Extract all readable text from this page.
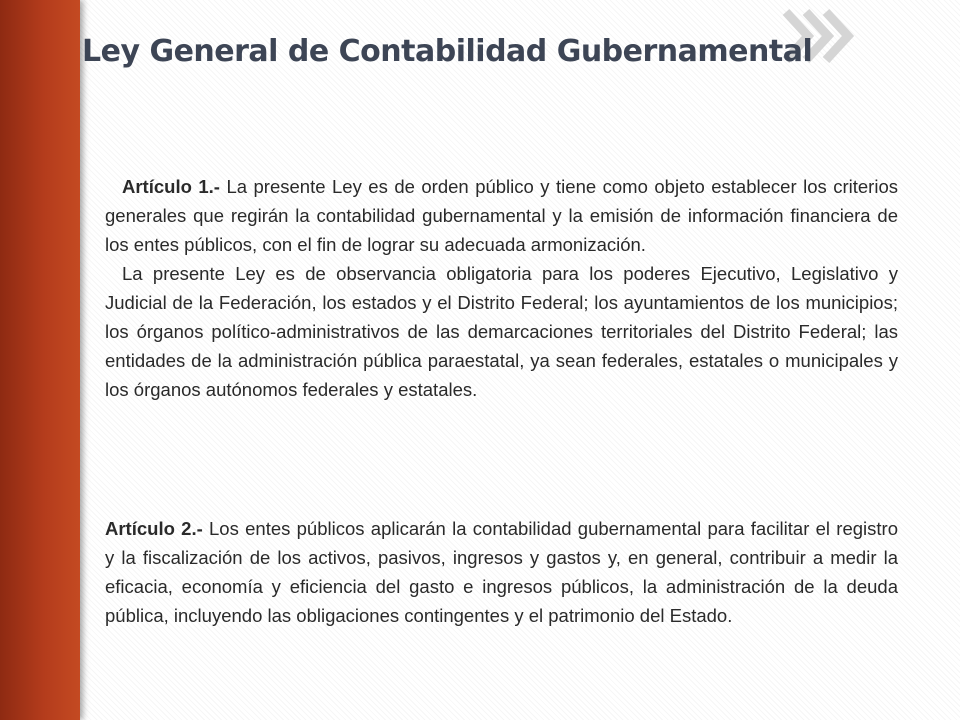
Ley General de Contabilidad Gubernamental

Artículo 1.- La presente Ley es de orden público y tiene como objeto establecer los criterios generales que regirán la contabilidad gubernamental y la emisión de información financiera de los entes públicos, con el fin de lograr su adecuada armonización.

La presente Ley es de observancia obligatoria para los poderes Ejecutivo, Legislativo y Judicial de la Federación, los estados y el Distrito Federal; los ayuntamientos de los municipios; los órganos político-administrativos de las demarcaciones territoriales del Distrito Federal; las entidades de la administración pública paraestatal, ya sean federales, estatales o municipales y los órganos autónomos federales y estatales.

Artículo 2.- Los entes públicos aplicarán la contabilidad gubernamental para facilitar el registro y la fiscalización de los activos, pasivos, ingresos y gastos y, en general, contribuir a medir la eficacia, economía y eficiencia del gasto e ingresos públicos, la administración de la deuda pública, incluyendo las obligaciones contingentes y el patrimonio del Estado.
